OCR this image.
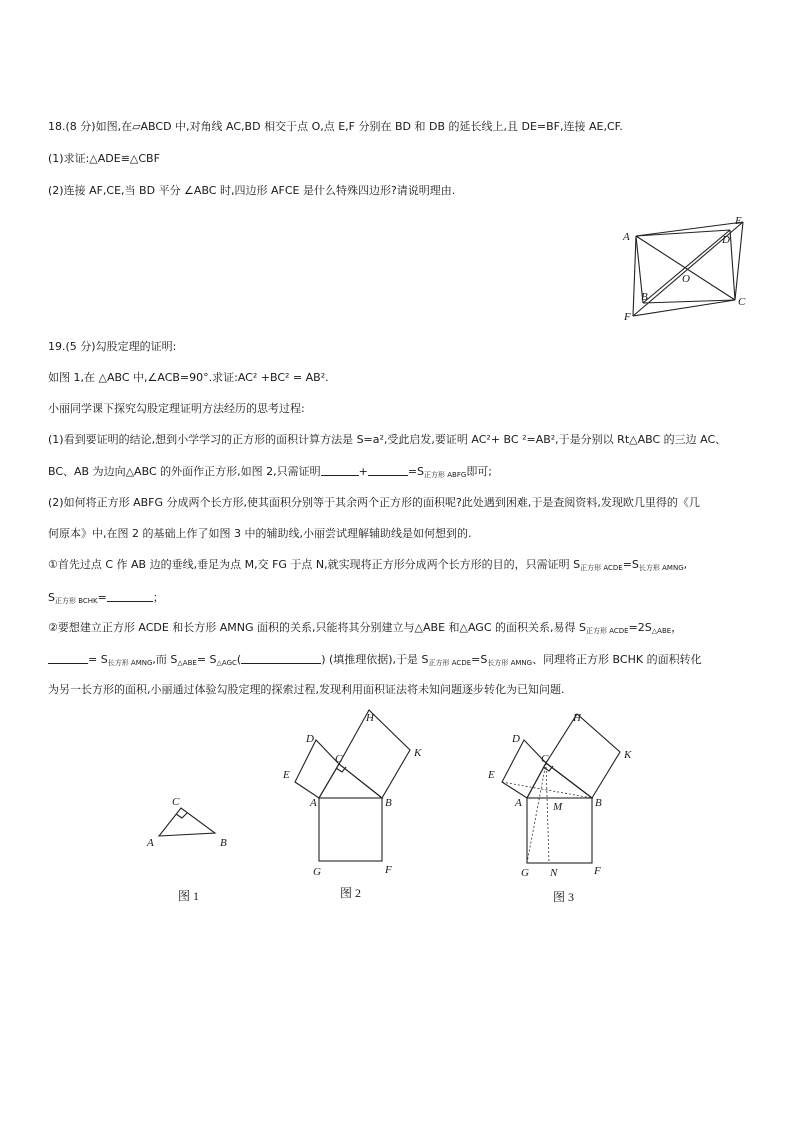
18.(8 分)如图,在▱ABCD 中,对角线 AC,BD 相交于点 O,点 E,F 分别在 BD 和 DB 的延长线上,且 DE=BF,连接 AE,CF.
(1)求证:△ADE≌△CBF
(2)连接 AF,CE,当 BD 平分 ∠ABC 时,四边形 AFCE 是什么特殊四边形?请说明理由.
A
E
D
O
B	C
F
19.(5 分)勾股定理的证明:
如图 1,在 △ABC 中,∠ACB=90°.求证:AC² +BC² = AB².
小丽同学课下探究勾股定理证明方法经历的思考过程:
(1)看到要证明的结论,想到小学学习的正方形的面积计算方法是 S=a²,受此启发,要证明 AC²+ BC ²=AB²,于是分别以 Rt△ABC 的三边 AC、
BC、AB 为边向△ABC 的外面作正方形,如图 2,只需证明	+	$=S_{正方形 ABFG}$即可;
(2)如何将正方形 ABFG 分成两个长方形,使其面积分别等于其余两个正方形的面积呢?此处遇到困难,于是查阅资料,发现欧几里得的《几
何原本》中,在图 2 的基础上作了如图 3 中的辅助线,小丽尝试理解辅助线是如何想到的.
①首先过点 C 作 AB 边的垂线,垂足为点 M,交 FG 于点 N,就实现将正方形分成两个长方形的目的，只需证明 $S_{正方形 ACDE}=S_{长方形 AMNG}$,
$S_{正方形 BCHK}=$	；
②要想建立正方形 ACDE 和长方形 AMNG 面积的关系,只能将其分别建立与△ABE 和△AGC 的面积关系,易得 $S_{正方形 ACDE}=2S_{\triangle ABE}$，
= $S_{长方形 AMNG}$,而 $S_{\triangle ABE}= S_{\triangle AGC}$(	) (填推理依据),于是 $S_{正方形 ACDE}=S_{长方形 AMNG}$、同理将正方形 BCHK 的面积转化
为另一长方形的面积,小丽通过体验勾股定理的探索过程,发现利用面积证法将未知问题逐步转化为已知问题.
C
A	B
D
H
C	K
E
A	B
G	F
D
H
C	K
E
A	M	B
G N	F
图 1	图 2	图 3
